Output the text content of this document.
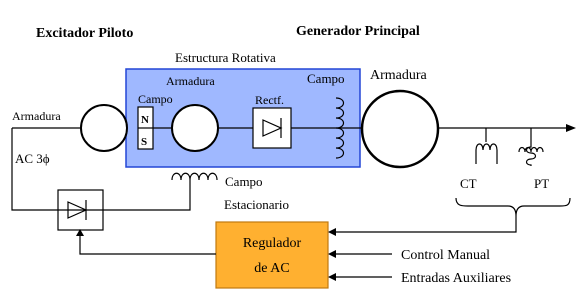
Excitador Piloto	Generador Principal
Estructura Rotativa
N
S
Campo
Armadura
Rectf.
Campo Armadura
Armadura
AC 3ϕ
Campo
Estacionario
Regulador
de AC
CT	PT
Control Manual
Entradas Auxiliares
